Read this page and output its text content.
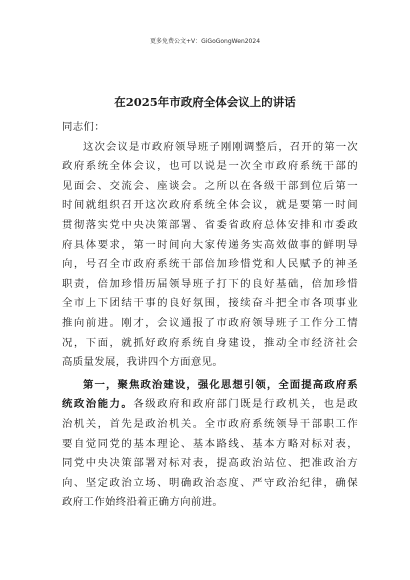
更多免费公文+V：GiGoGongWen2024
在2025年市政府全体会议上的讲话
同志们：
这次会议是市政府领导班子刚刚调整后，召开的第一次
政府系统全体会议，也可以说是一次全市政府系统干部的
见面会、交流会、座谈会。之所以在各级干部到位后第一
时间就组织召开这次政府系统全体会议，就是要第一时间
贯彻落实党中央决策部署、省委省政府总体安排和市委政
府具体要求，第一时间向大家传递务实高效做事的鲜明导
向，号召全市政府系统干部倍加珍惜党和人民赋予的神圣
职责，倍加珍惜历届领导班子打下的良好基础，倍加珍惜
全市上下团结干事的良好氛围，接续奋斗把全市各项事业
推向前进。刚才，会议通报了市政府领导班子工作分工情
况，下面，就抓好政府系统自身建设，推动全市经济社会
高质量发展，我讲四个方面意见。
第一，聚焦政治建设，强化思想引领，全面提高政府系
统政治能力。各级政府和政府部门既是行政机关，也是政
治机关，首先是政治机关。全市政府系统领导干部职工作
要自觉同党的基本理论、基本路线、基本方略对标对表，
同党中央决策部署对标对表，提高政治站位、把准政治方
向、坚定政治立场、明确政治态度、严守政治纪律，确保
政府工作始终沿着正确方向前进。
